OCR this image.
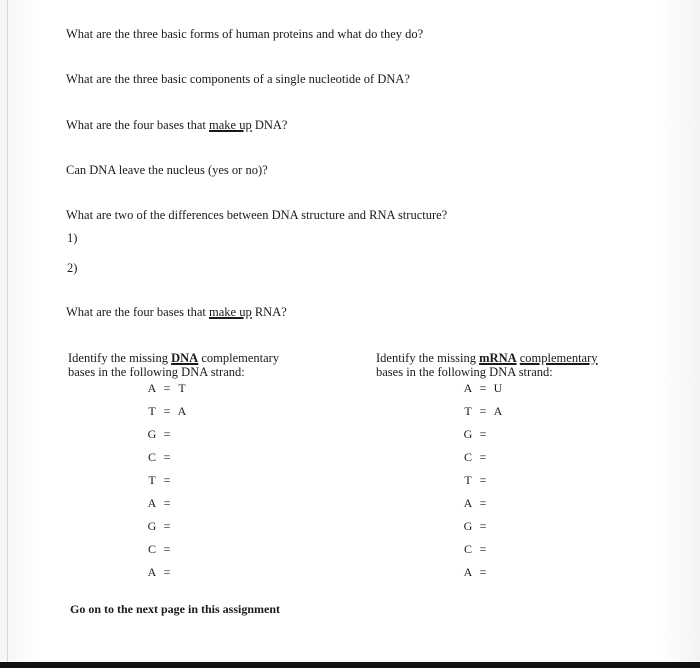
What are the three basic forms of human proteins and what do they do?
What are the three basic components of a single nucleotide of DNA?
What are the four bases that make up DNA?
Can DNA leave the nucleus (yes or no)?
What are two of the differences between DNA structure and RNA structure?
1)
2)
What are the four bases that make up RNA?
Identify the missing DNA complementary
bases in the following DNA strand:
A = T
T = A
G =
C =
T =
A =
G =
C =
A =
Identify the missing mRNA complementary
bases in the following DNA strand:
A = U
T = A
G =
C =
T =
A =
G =
C =
A =
Go on to the next page in this assignment
